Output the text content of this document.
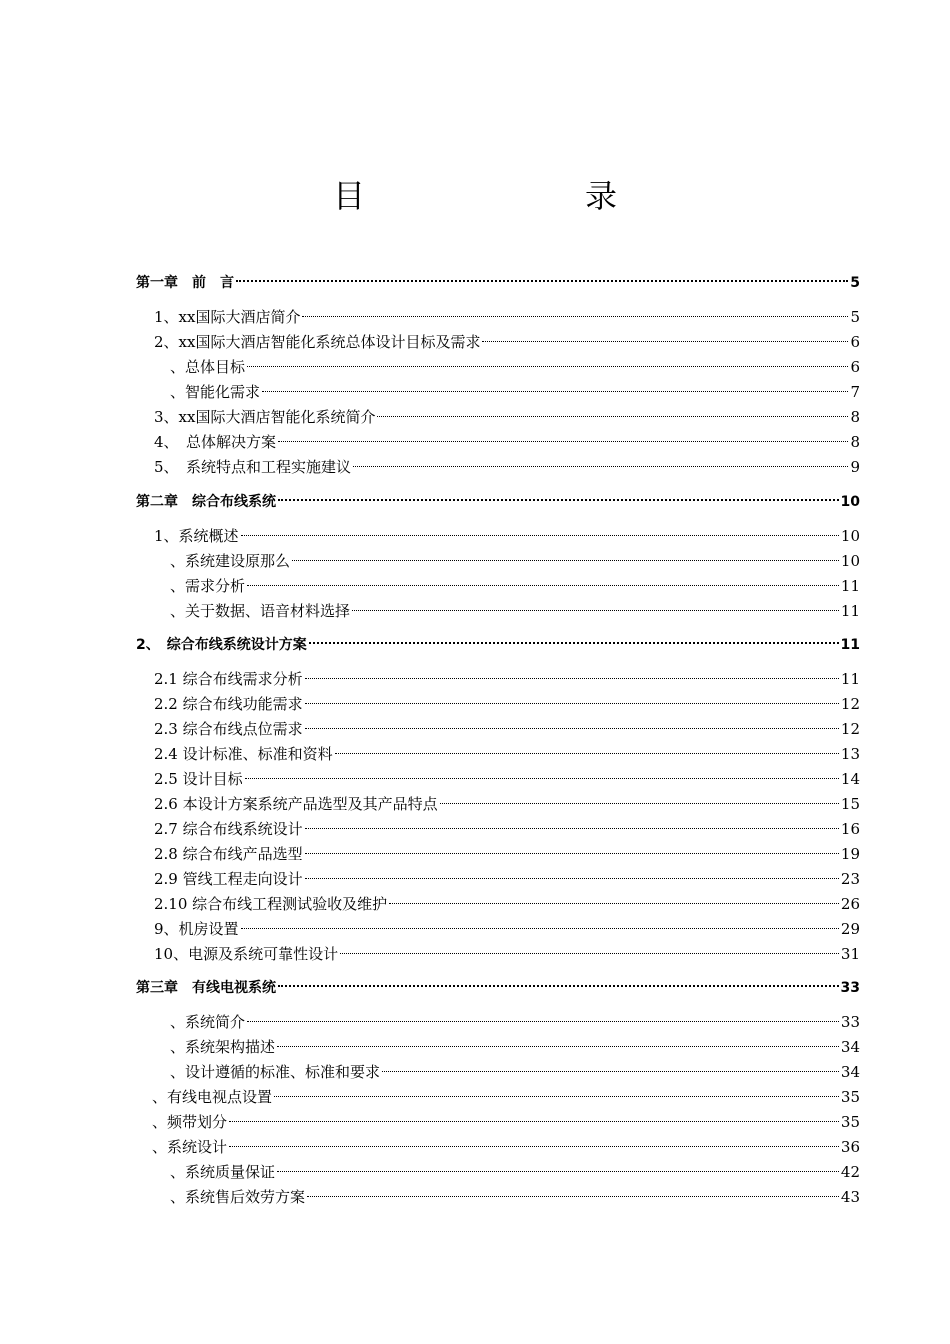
目　　录
第一章　前　言	5
1、xx国际大酒店简介	5
2、xx国际大酒店智能化系统总体设计目标及需求	6
、总体目标	6
、智能化需求	7
3、xx国际大酒店智能化系统简介	8
4、　总体解决方案	8
5、　系统特点和工程实施建议	9
第二章　综合布线系统	10
1、系统概述	10
、系统建设原那么	10
、需求分析	11
、关于数据、语音材料选择	11
2、　综合布线系统设计方案	11
2.1 综合布线需求分析	11
2.2 综合布线功能需求	12
2.3 综合布线点位需求	12
2.4 设计标准、标准和资料	13
2.5 设计目标	14
2.6 本设计方案系统产品选型及其产品特点	15
2.7 综合布线系统设计	16
2.8 综合布线产品选型	19
2.9 管线工程走向设计	23
2.10 综合布线工程测试验收及维护	26
9、机房设置	29
10、电源及系统可靠性设计	31
第三章　有线电视系统	33
、系统简介	33
、系统架构描述	34
、设计遵循的标准、标准和要求	34
、有线电视点设置	35
、频带划分	35
、系统设计	36
、系统质量保证	42
、系统售后效劳方案	43
